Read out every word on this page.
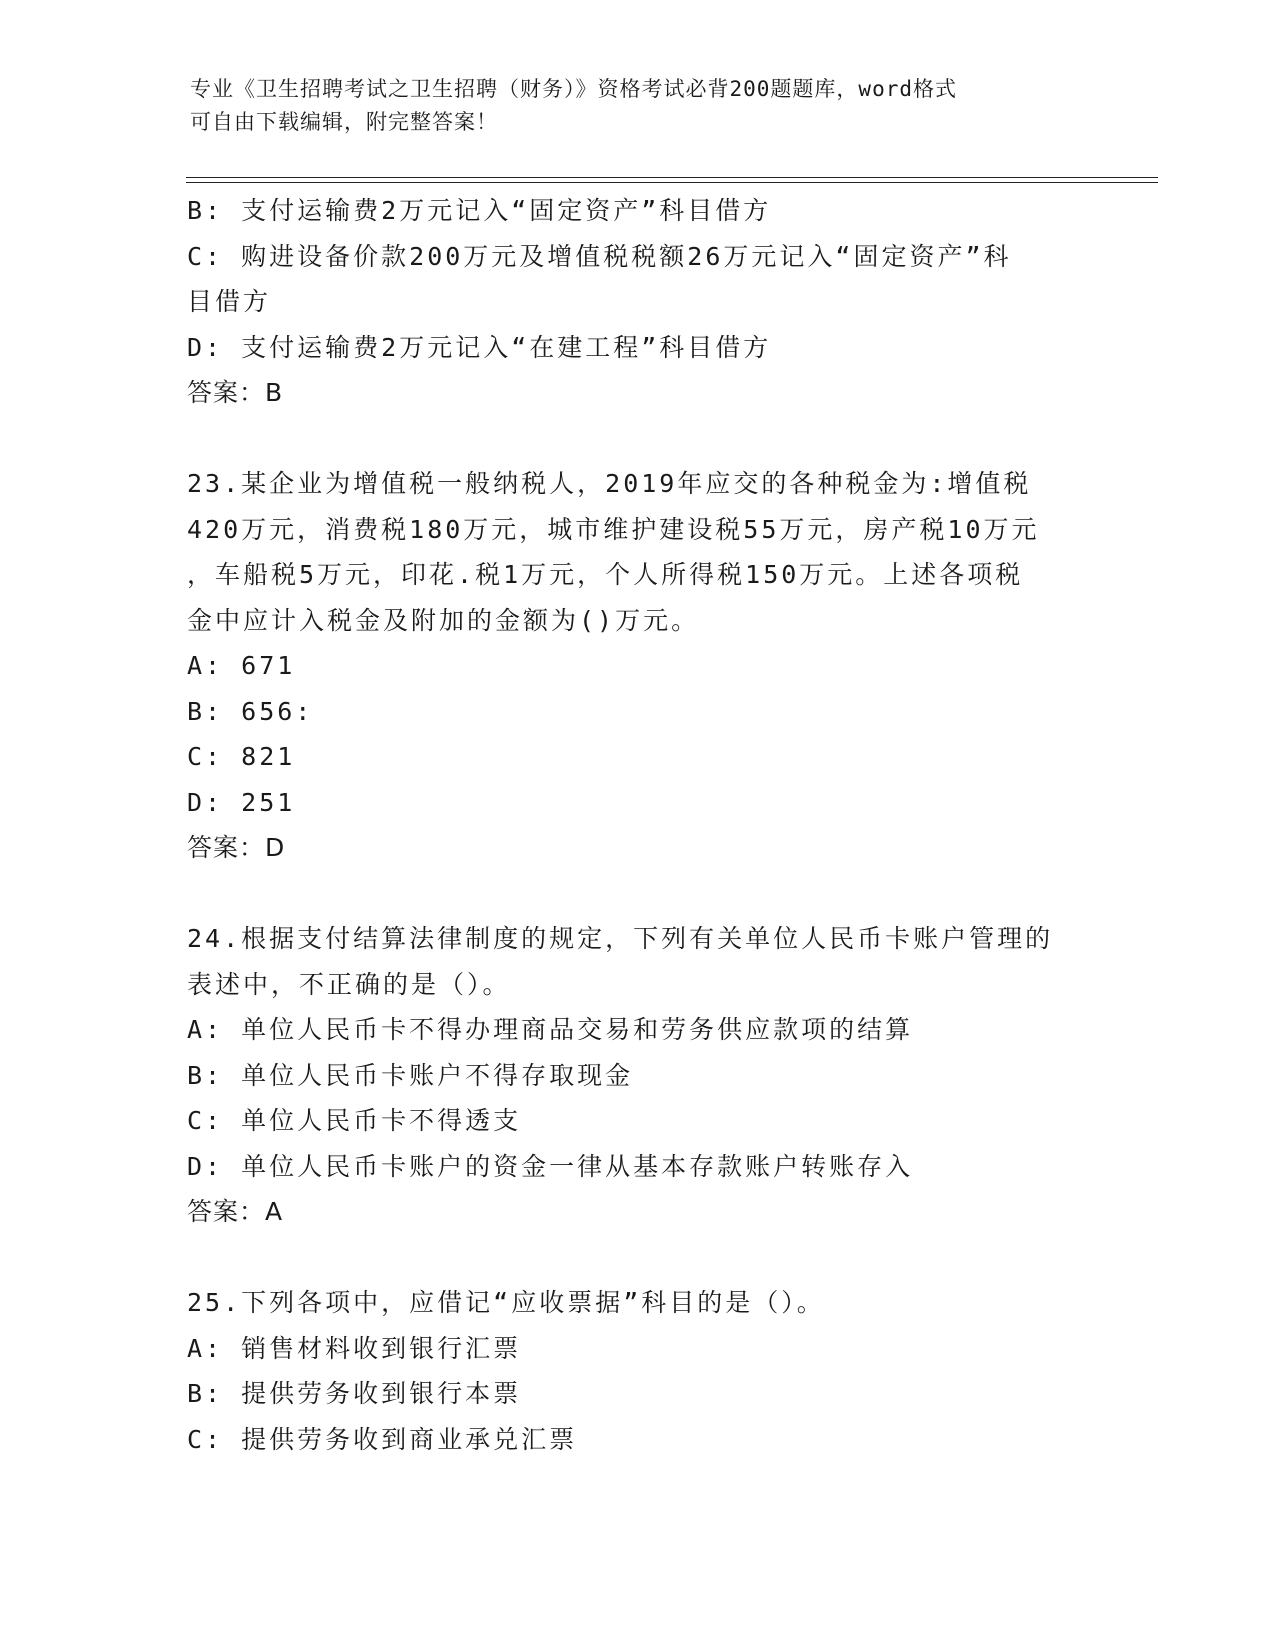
专业《卫生招聘考试之卫生招聘（财务）》资格考试必背200题题库，word格式
可自由下载编辑，附完整答案！
B: 支付运输费2万元记入“固定资产”科目借方
C: 购进设备价款200万元及增值税税额26万元记入“固定资产”科
目借方
D: 支付运输费2万元记入“在建工程”科目借方
答案：B
23.某企业为增值税一般纳税人，2019年应交的各种税金为:增值税
420万元，消费税180万元，城市维护建设税55万元，房产税10万元
，车船税5万元，印花.税1万元，个人所得税150万元。上述各项税
金中应计入税金及附加的金额为()万元。
A: 671
B: 656:
C: 821
D: 251
答案：D
24.根据支付结算法律制度的规定，下列有关单位人民币卡账户管理的
表述中，不正确的是（）。
A: 单位人民币卡不得办理商品交易和劳务供应款项的结算
B: 单位人民币卡账户不得存取现金
C: 单位人民币卡不得透支
D: 单位人民币卡账户的资金一律从基本存款账户转账存入
答案：A
25.下列各项中，应借记“应收票据”科目的是（）。
A: 销售材料收到银行汇票
B: 提供劳务收到银行本票
C: 提供劳务收到商业承兑汇票
